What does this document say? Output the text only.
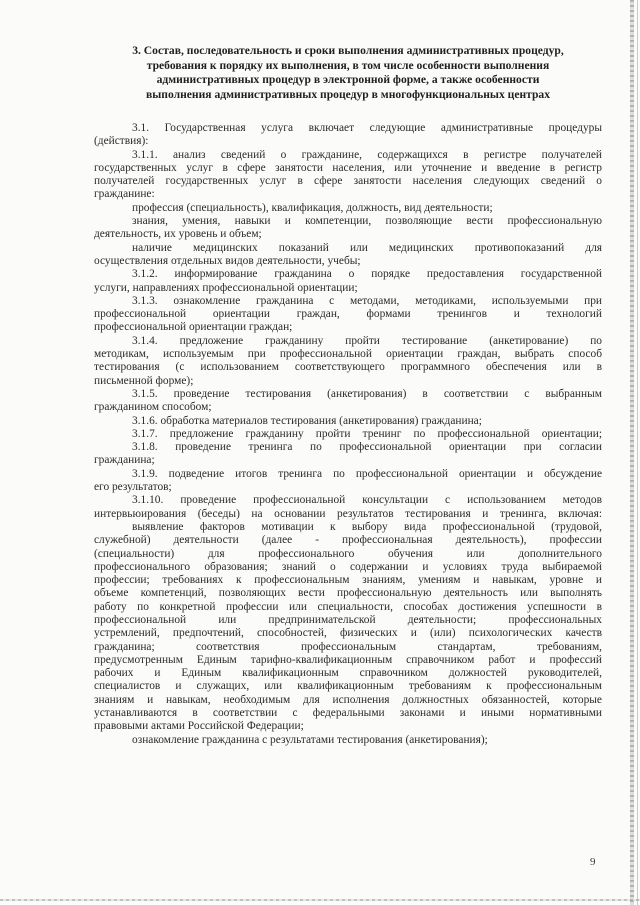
3. Состав, последовательность и сроки выполнения административных процедур,
требования к порядку их выполнения, в том числе особенности выполнения
административных процедур в электронной форме, а также особенности
выполнения административных процедур в многофункциональных центрах
3.1. Государственная услуга включает следующие административные процедуры
(действия):
3.1.1. анализ сведений о гражданине, содержащихся в регистре получателей
государственных услуг в сфере занятости населения, или уточнение и введение в регистр
получателей государственных услуг в сфере занятости населения следующих сведений о
гражданине:
профессия (специальность), квалификация, должность, вид деятельности;
знания, умения, навыки и компетенции, позволяющие вести профессиональную
деятельность, их уровень и объем;
наличие медицинских показаний или медицинских противопоказаний для
осуществления отдельных видов деятельности, учебы;
3.1.2. информирование гражданина о порядке предоставления государственной
услуги, направлениях профессиональной ориентации;
3.1.3. ознакомление гражданина с методами, методиками, используемыми при
профессиональной ориентации граждан, формами тренингов и технологий
профессиональной ориентации граждан;
3.1.4. предложение гражданину пройти тестирование (анкетирование) по
методикам, используемым при профессиональной ориентации граждан, выбрать способ
тестирования (с использованием соответствующего программного обеспечения или в
письменной форме);
3.1.5. проведение тестирования (анкетирования) в соответствии с выбранным
гражданином способом;
3.1.6. обработка материалов тестирования (анкетирования) гражданина;
3.1.7. предложение гражданину пройти тренинг по профессиональной ориентации;
3.1.8. проведение тренинга по профессиональной ориентации при согласии
гражданина;
3.1.9. подведение итогов тренинга по профессиональной ориентации и обсуждение
его результатов;
3.1.10. проведение профессиональной консультации с использованием методов
интервьюирования (беседы) на основании результатов тестирования и тренинга, включая:
выявление факторов мотивации к выбору вида профессиональной (трудовой,
служебной) деятельности (далее - профессиональная деятельность), профессии
(специальности) для профессионального обучения или дополнительного
профессионального образования; знаний о содержании и условиях труда выбираемой
профессии; требованиях к профессиональным знаниям, умениям и навыкам, уровне и
объеме компетенций, позволяющих вести профессиональную деятельность или выполнять
работу по конкретной профессии или специальности, способах достижения успешности в
профессиональной или предпринимательской деятельности; профессиональных
устремлений, предпочтений, способностей, физических и (или) психологических качеств
гражданина; соответствия профессиональным стандартам, требованиям,
предусмотренным Единым тарифно-квалификационным справочником работ и профессий
рабочих и Единым квалификационным справочником должностей руководителей,
специалистов и служащих, или квалификационным требованиям к профессиональным
знаниям и навыкам, необходимым для исполнения должностных обязанностей, которые
устанавливаются в соответствии с федеральными законами и иными нормативными
правовыми актами Российской Федерации;
ознакомление гражданина с результатами тестирования (анкетирования);
9
